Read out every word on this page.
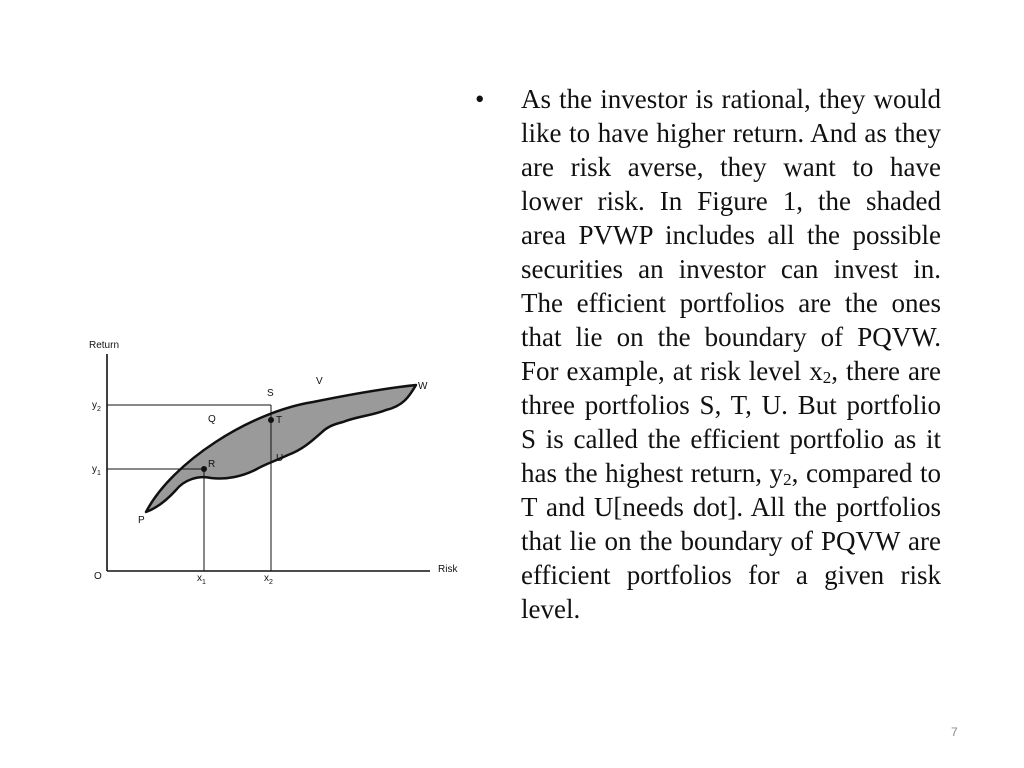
Return
Risk
O
$y_2$
$y_1$
$x_1$	$x_2$
P
Q
R
S
T
U
V	W
• As the investor is rational, they would like to have higher return. And as they are risk averse, they want to have lower risk. In Figure 1, the shaded area PVWP includes all the possible securities an investor can invest in. The efficient portfolios are the ones that lie on the boundary of PQVW. For example, at risk level $x_2$, there are three portfolios S, T, U. But portfolio S is called the efficient portfolio as it has the highest return, $y_2$, compared to T and U[needs dot]. All the portfolios that lie on the boundary of PQVW are efficient portfolios for a given risk level.

7
